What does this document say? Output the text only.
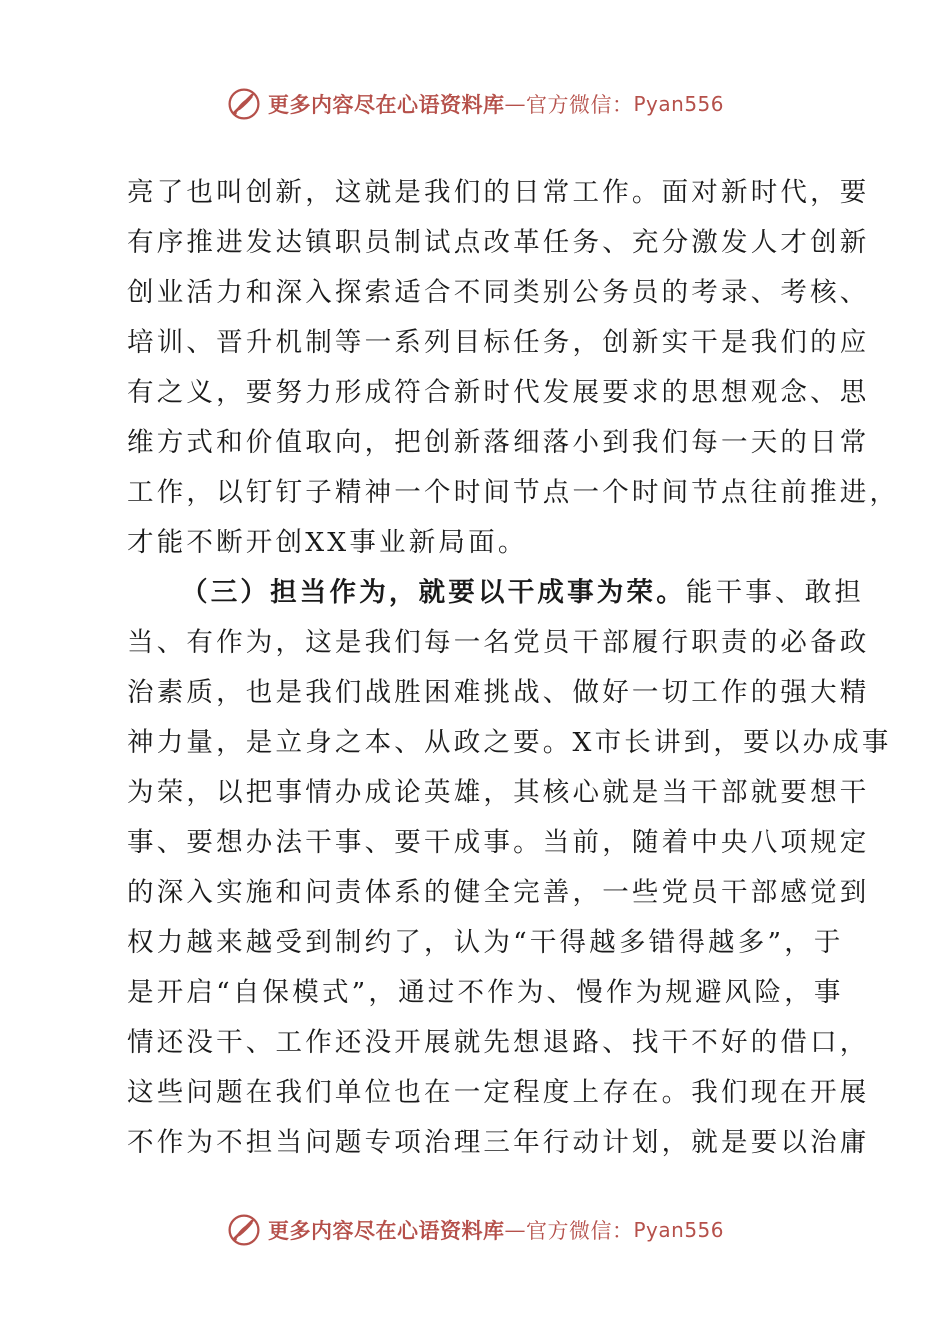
更多内容尽在心语资料库 — 官方微信： Pyan556
亮了也叫创新，这就是我们的日常工作。面对新时代，要
有序推进发达镇职员制试点改革任务、充分激发人才创新
创业活力和深入探索适合不同类别公务员的考录、考核、
培训、晋升机制等一系列目标任务，创新实干是我们的应
有之义，要努力形成符合新时代发展要求的思想观念、思
维方式和价值取向，把创新落细落小到我们每一天的日常
工作，以钉钉子精神一个时间节点一个时间节点往前推进，
才能不断开创XX事业新局面。
（三）担当作为，就要以干成事为荣。能干事、敢担
当、有作为，这是我们每一名党员干部履行职责的必备政
治素质，也是我们战胜困难挑战、做好一切工作的强大精
神力量，是立身之本、从政之要。X市长讲到，要以办成事
为荣，以把事情办成论英雄，其核心就是当干部就要想干
事、要想办法干事、要干成事。当前，随着中央八项规定
的深入实施和问责体系的健全完善，一些党员干部感觉到
权力越来越受到制约了，认为“干得越多错得越多”，于
是开启“自保模式”，通过不作为、慢作为规避风险，事
情还没干、工作还没开展就先想退路、找干不好的借口，
这些问题在我们单位也在一定程度上存在。我们现在开展
不作为不担当问题专项治理三年行动计划，就是要以治庸
更多内容尽在心语资料库 — 官方微信： Pyan556
